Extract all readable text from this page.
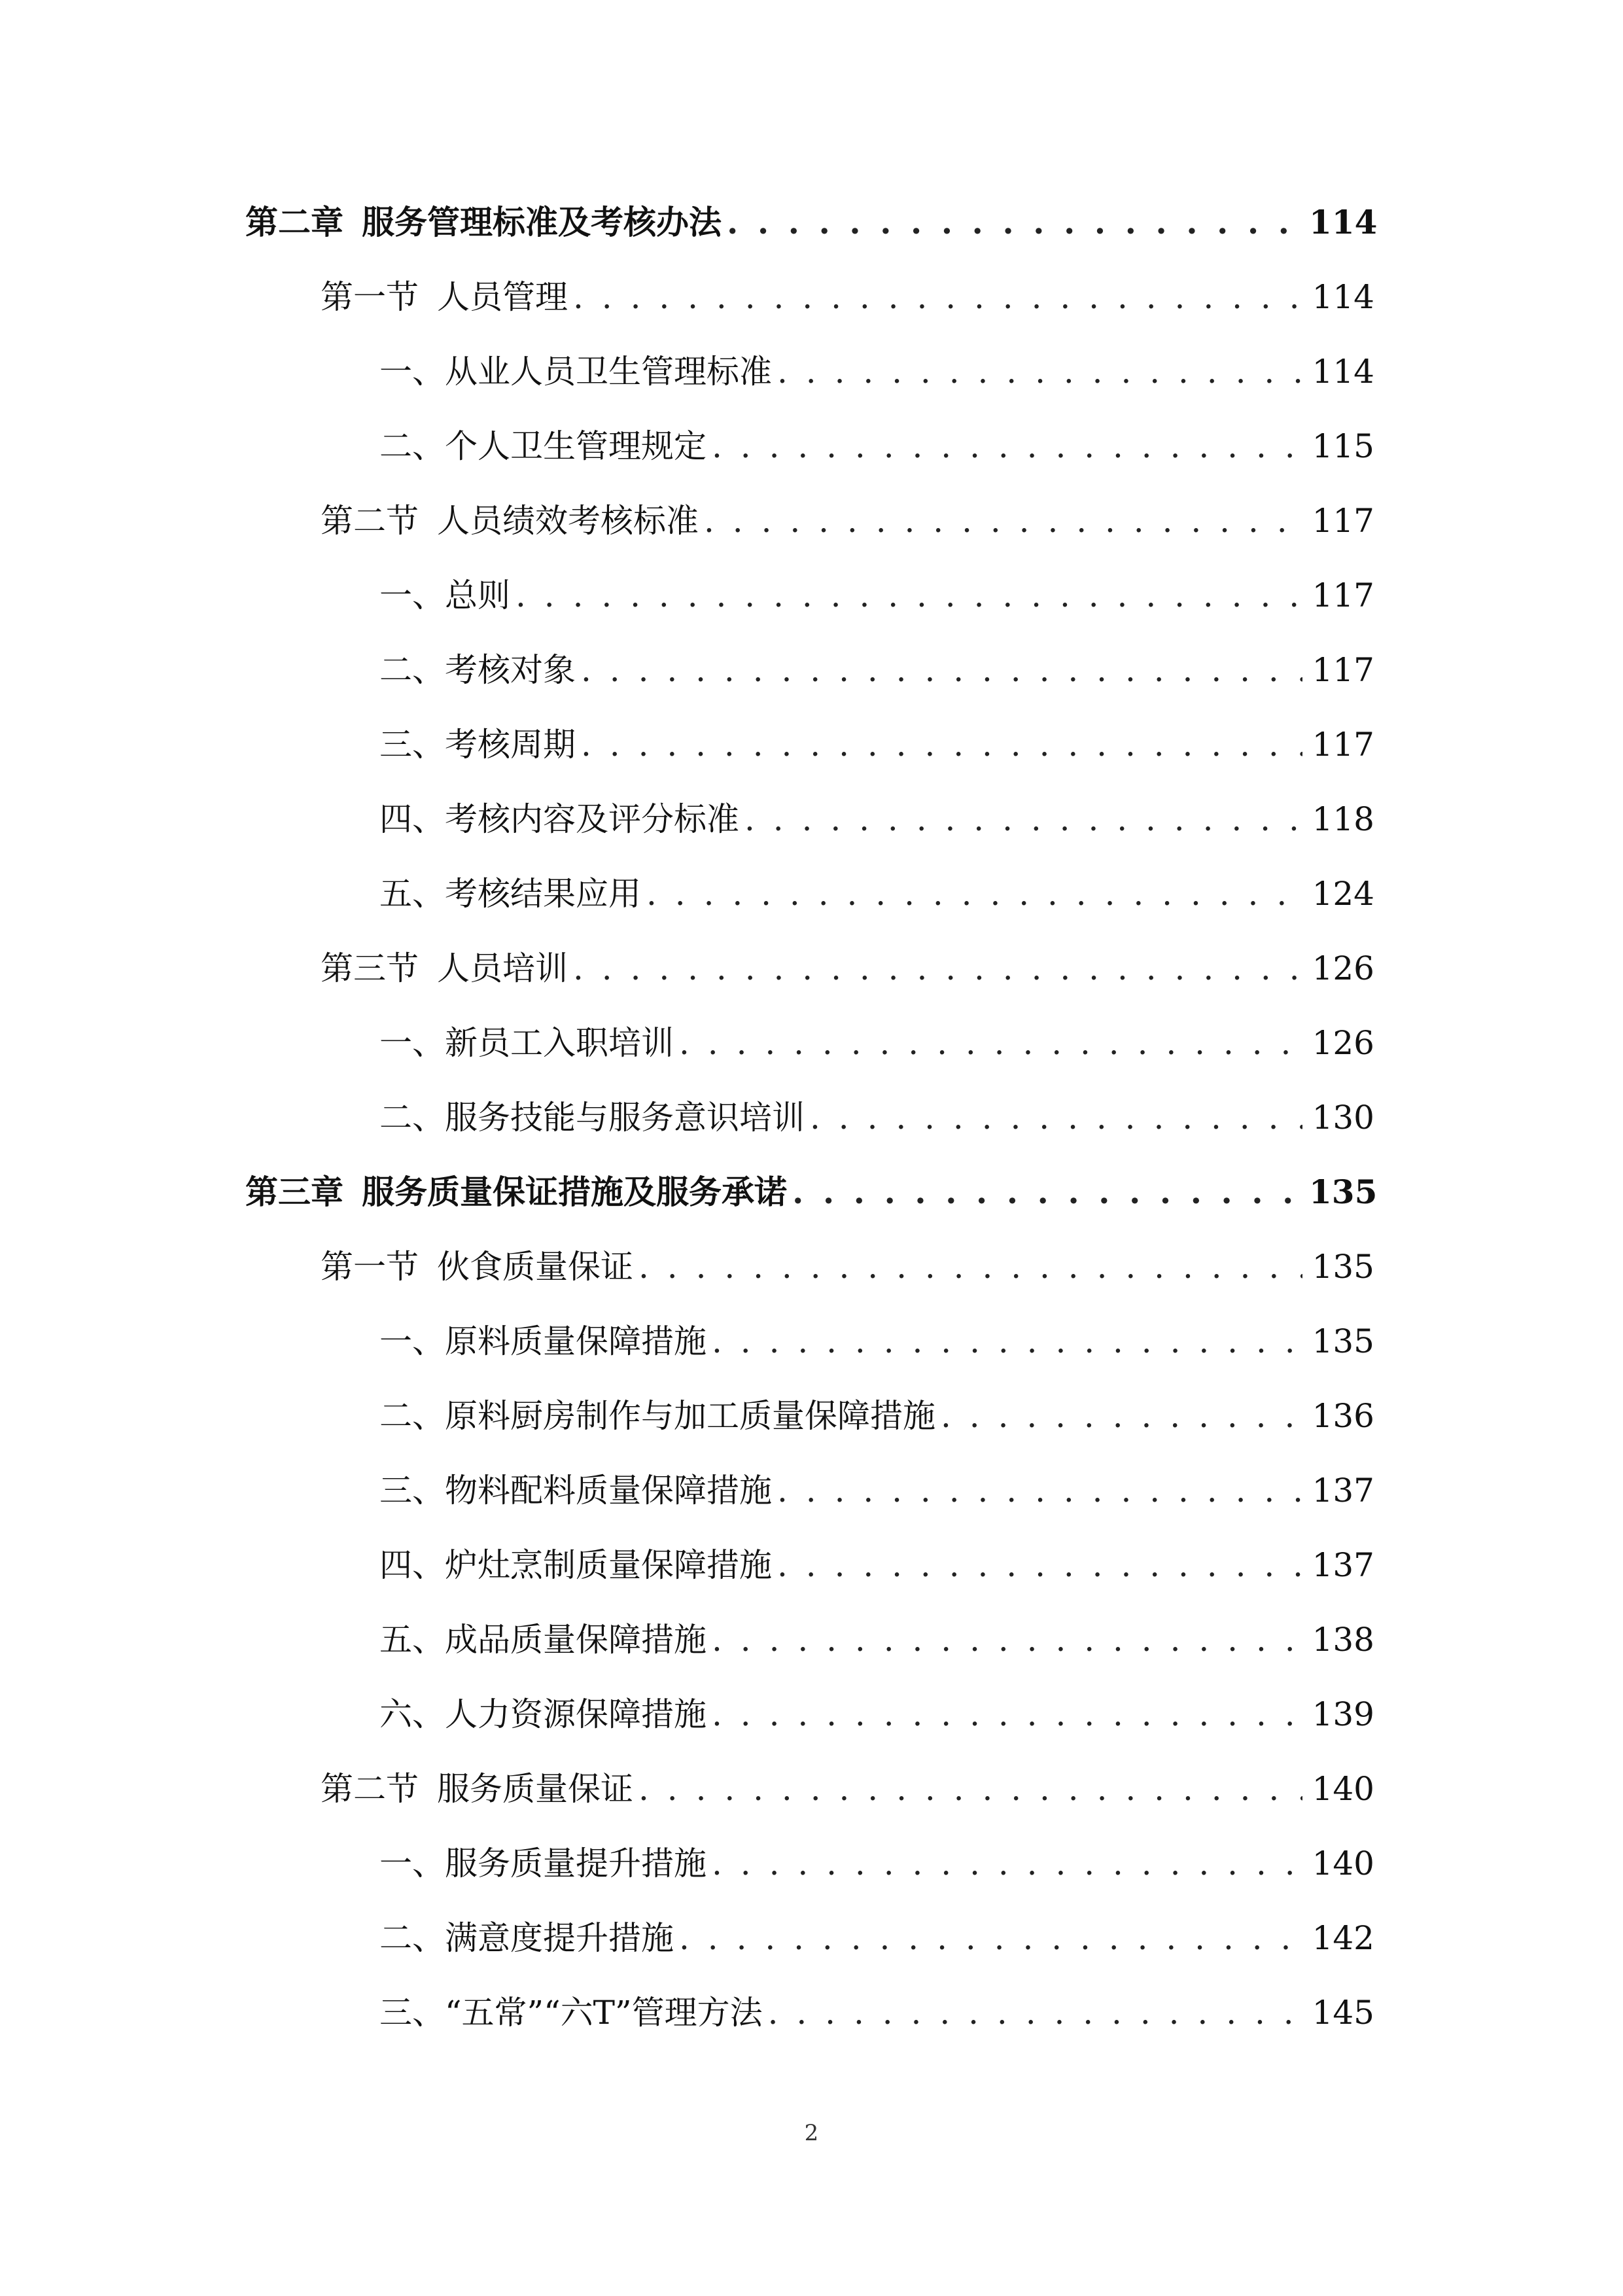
第二章 服务管理标准及考核办法 . . .	114
第一节 人员管理 . . .	114
一、 从业人员卫生管理标准 . . .	114
二、 个人卫生管理规定 . . .	115
第二节 人员绩效考核标准 . . .	117
一、 总则 . . .	117
二、 考核对象 . . .	117
三、 考核周期 . . .	117
四、 考核内容及评分标准 . . .	118
五、 考核结果应用 . . .	124
第三节 人员培训 . . .	126
一、 新员工入职培训 . . .	126
二、 服务技能与服务意识培训 . . .	130
第三章 服务质量保证措施及服务承诺 . . .	135
第一节 伙食质量保证 . . .	135
一、 原料质量保障措施 . . .	135
二、 原料厨房制作与加工质量保障措施 . . .	136
三、 物料配料质量保障措施 . . .	137
四、 炉灶烹制质量保障措施 . . .	137
五、 成品质量保障措施 . . .	138
六、 人力资源保障措施 . . .	139
第二节 服务质量保证 . . .	140
一、 服务质量提升措施 . . .	140
二、 满意度提升措施 . . .	142
三、 “五常”“六T”管理方法 . . .	145
2
